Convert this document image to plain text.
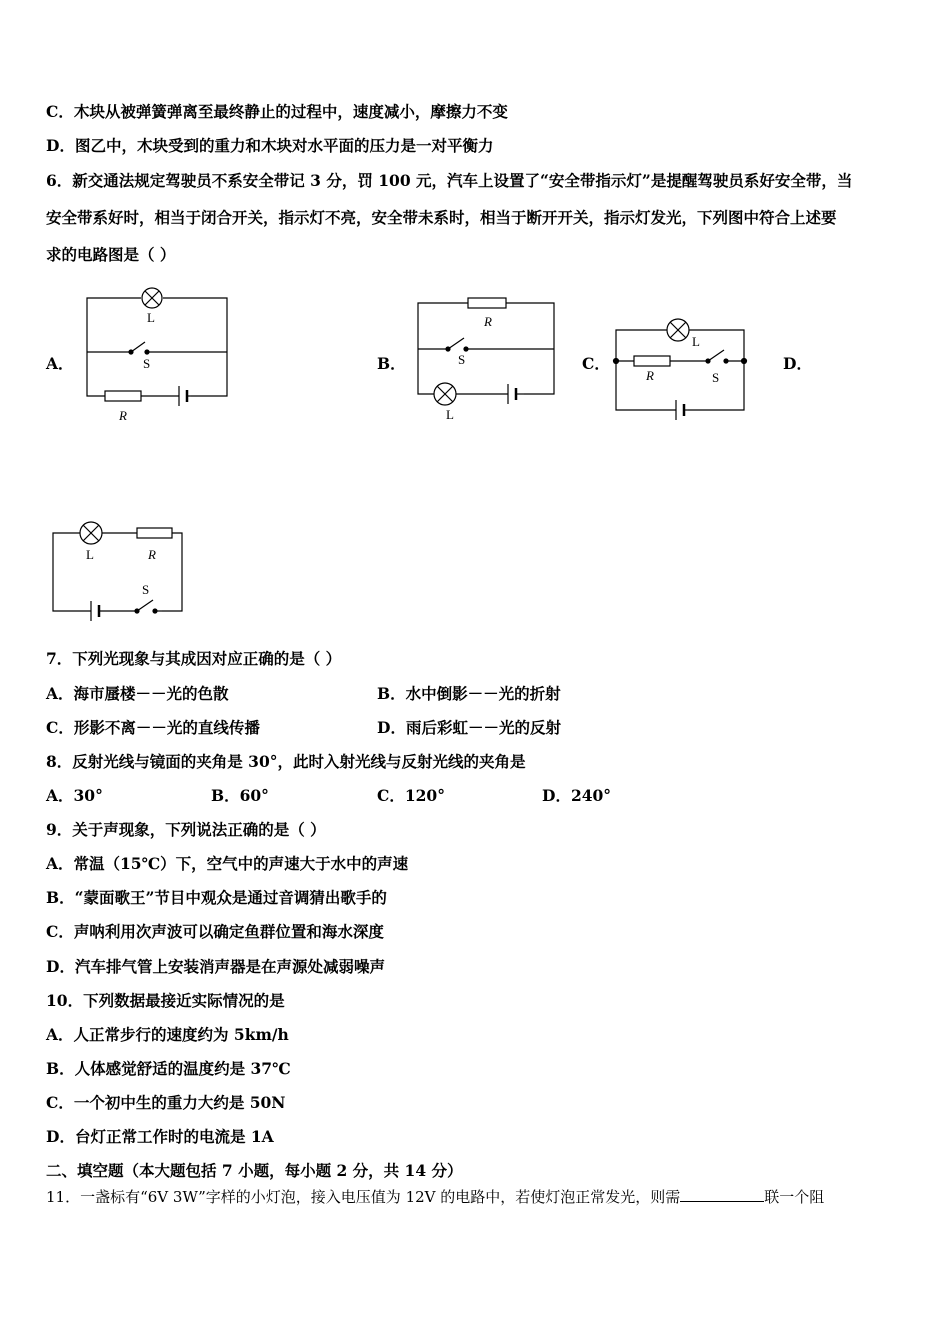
C．木块从被弹簧弹离至最终静止的过程中，速度减小，摩擦力不变
D．图乙中，木块受到的重力和木块对水平面的压力是一对平衡力
6．新交通法规定驾驶员不系安全带记 3 分，罚 100 元，汽车上设置了“安全带指示灯”是提醒驾驶员系好安全带，当
安全带系好时，相当于闭合开关，指示灯不亮，安全带未系时，相当于断开开关，指示灯发光，下列图中符合上述要
求的电路图是（ ）
A．	B．	C．	D．
L
S
R
R
S
L
L
R	S
L	R
S
7．下列光现象与其成因对应正确的是（ ）
A．海市蜃楼－－光的色散	B．水中倒影－－光的折射
C．形影不离－－光的直线传播	D．雨后彩虹－－光的反射
8．反射光线与镜面的夹角是 30°，此时入射光线与反射光线的夹角是
A．30°	B．60°	C．120°	D．240°
9．关于声现象，下列说法正确的是（ ）
A．常温（15℃）下，空气中的声速大于水中的声速
B．“蒙面歌王”节目中观众是通过音调猜出歌手的
C．声呐利用次声波可以确定鱼群位置和海水深度
D．汽车排气管上安装消声器是在声源处减弱噪声
10．下列数据最接近实际情况的是
A．人正常步行的速度约为 5km/h
B．人体感觉舒适的温度约是 37℃
C．一个初中生的重力大约是 50N
D．台灯正常工作时的电流是 1A
二、填空题（本大题包括 7 小题，每小题 2 分，共 14 分）
11．一盏标有“6V 3W”字样的小灯泡，接入电压值为 12V 的电路中，若使灯泡正常发光，则需	联一个阻
